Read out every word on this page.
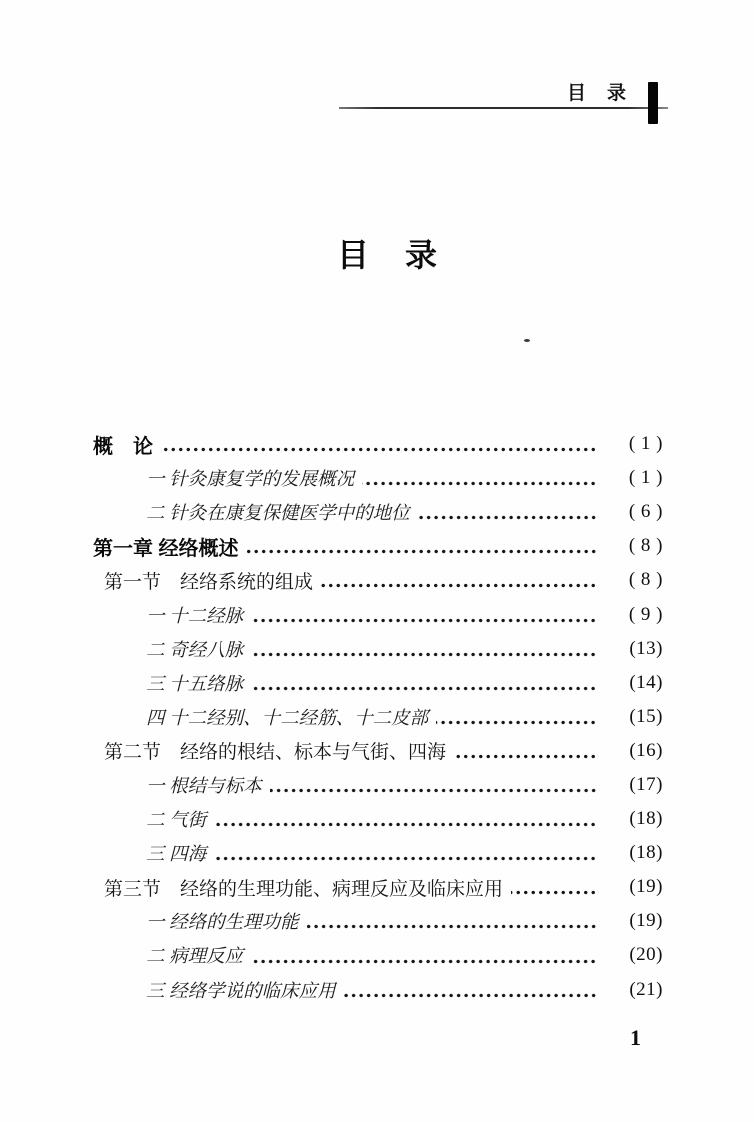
目　录
目　录
概　论	( 1 )
一 针灸康复学的发展概况	( 1 )
二 针灸在康复保健医学中的地位	( 6 )
第一章 经络概述	( 8 )
第一节　经络系统的组成	( 8 )
一 十二经脉	( 9 )
二 奇经八脉	(13)
三 十五络脉	(14)
四 十二经别、十二经筋、十二皮部	(15)
第二节　经络的根结、标本与气街、四海	(16)
一 根结与标本	(17)
二 气街	(18)
三 四海	(18)
第三节　经络的生理功能、病理反应及临床应用	(19)
一 经络的生理功能	(19)
二 病理反应	(20)
三 经络学说的临床应用	(21)
1
